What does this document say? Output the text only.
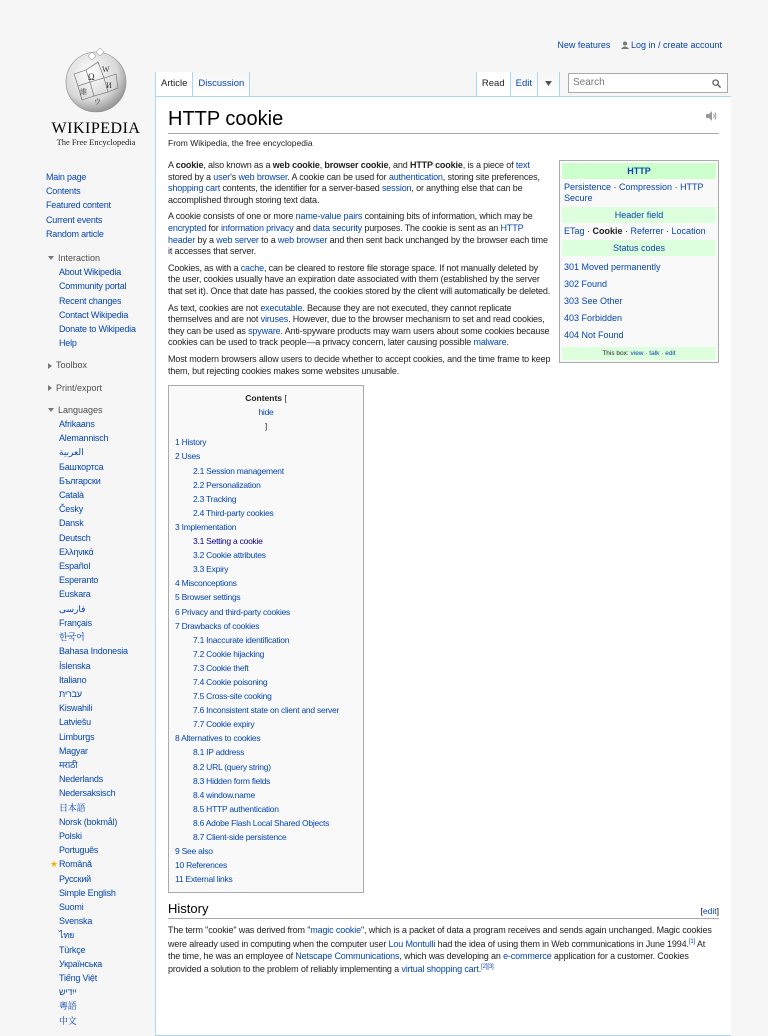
New features Log in / create account
Ω
W
И
維
ウ
WIKIPEDIA
The Free Encyclopedia
Article	Discussion	Read	Edit	Search
Main page
Contents
Featured content
Current events
Random article
Interaction
About Wikipedia
Community portal
Recent changes
Contact Wikipedia
Donate to Wikipedia
Help
Toolbox
Print/export
Languages
Afrikaans
Alemannisch
العربية
Башҡортса
Български
Català
Česky
Dansk
Deutsch
Ελληνικά
Español
Esperanto
Euskara
فارسی
Français
한국어
Bahasa Indonesia
Íslenska
Italiano
עברית
Kiswahili
Latviešu
Limburgs
Magyar
मराठी
Nederlands
Nedersaksisch
日本語
Norsk (bokmål)
Polski
Português
★ Română
Русский
Simple English
Suomi
Svenska
ไทย
Türkçe
Українська
Tiếng Việt
ייִדיש
粵語
中文
HTTP cookie
From Wikipedia, the free encyclopedia
HTTP
Persistence · Compression · HTTP Secure
Header field
ETag · Cookie · Referrer · Location
Status codes
301 Moved permanently
302 Found
303 See Other
403 Forbidden
404 Not Found
This box: view · talk · edit

A cookie, also known as a web cookie, browser cookie, and HTTP cookie, is a piece of text stored by a user's web browser. A cookie can be used for authentication, storing site preferences, shopping cart contents, the identifier for a server-based session, or anything else that can be accomplished through storing text data.

A cookie consists of one or more name-value pairs containing bits of information, which may be encrypted for information privacy and data security purposes. The cookie is sent as an HTTP header by a web server to a web browser and then sent back unchanged by the browser each time it accesses that server.

Cookies, as with a cache, can be cleared to restore file storage space. If not manually deleted by the user, cookies usually have an expiration date associated with them (established by the server that set it). Once that date has passed, the cookies stored by the client will automatically be deleted.

As text, cookies are not executable. Because they are not executed, they cannot replicate themselves and are not viruses. However, due to the browser mechanism to set and read cookies, they can be used as spyware. Anti-spyware products may warn users about some cookies because cookies can be used to track people—a privacy concern, later causing possible malware.

Most modern browsers allow users to decide whether to accept cookies, and the time frame to keep them, but rejecting cookies makes some websites unusable.

Contents [
hide
]
1 History
2 Uses
2.1 Session management
2.2 Personalization
2.3 Tracking
2.4 Third-party cookies
3 Implementation
3.1 Setting a cookie
3.2 Cookie attributes
3.3 Expiry
4 Misconceptions
5 Browser settings
6 Privacy and third-party cookies
7 Drawbacks of cookies
7.1 Inaccurate identification
7.2 Cookie hijacking
7.3 Cookie theft
7.4 Cookie poisoning
7.5 Cross-site cooking
7.6 Inconsistent state on client and server
7.7 Cookie expiry
8 Alternatives to cookies
8.1 IP address
8.2 URL (query string)
8.3 Hidden form fields
8.4 window.name
8.5 HTTP authentication
8.6 Adobe Flash Local Shared Objects
8.7 Client-side persistence
9 See also
10 References
11 External links
History	[edit]

The term "cookie" was derived from "magic cookie", which is a packet of data a program receives and sends again unchanged. Magic cookies were already used in computing when the computer user Lou Montulli had the idea of using them in Web communications in June 1994.[1] At the time, he was an employee of Netscape Communications, which was developing an e-commerce application for a customer. Cookies provided a solution to the problem of reliably implementing a virtual shopping cart.[2][3]
